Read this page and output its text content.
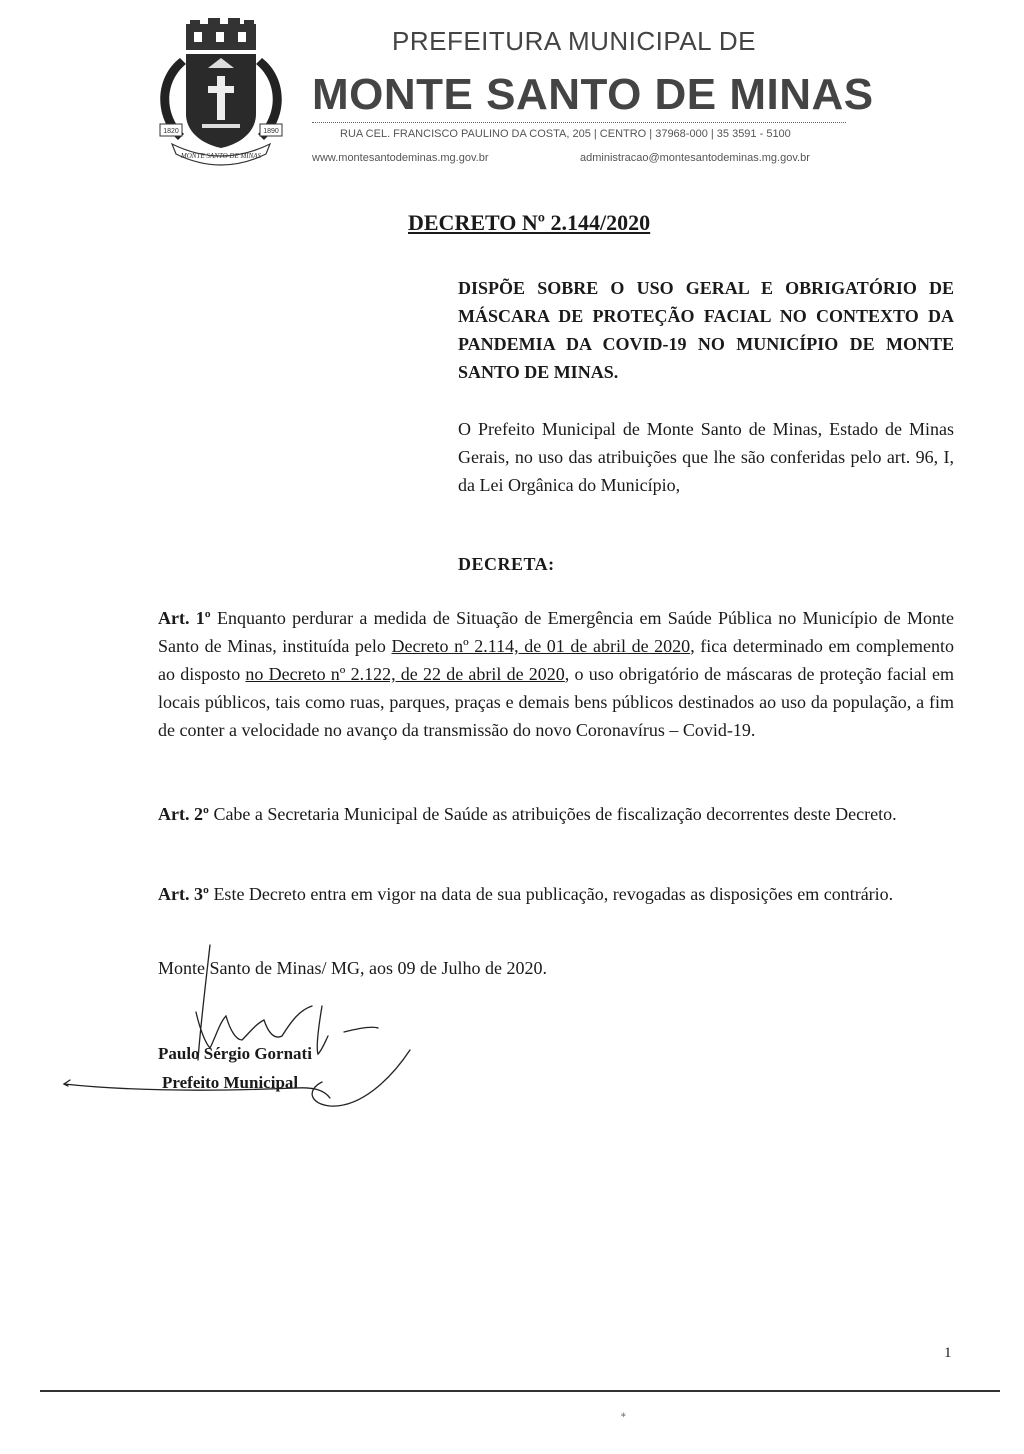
1820	1890
MONTE SANTO DE MINAS
PREFEITURA MUNICIPAL DE
MONTE SANTO DE MINAS
RUA CEL. FRANCISCO PAULINO DA COSTA, 205 | CENTRO | 37968-000 | 35 3591 - 5100
www.montesantodeminas.mg.gov.br	administracao@montesantodeminas.mg.gov.br
DECRETO Nº 2.144/2020
DISPÕE SOBRE O USO GERAL E OBRIGATÓRIO DE MÁSCARA DE PROTEÇÃO FACIAL NO CONTEXTO DA PANDEMIA DA COVID-19 NO MUNICÍPIO DE MONTE SANTO DE MINAS.
O Prefeito Municipal de Monte Santo de Minas, Estado de Minas Gerais, no uso das atribuições que lhe são conferidas pelo art. 96, I, da Lei Orgânica do Município,
DECRETA:
Art. 1º Enquanto perdurar a medida de Situação de Emergência em Saúde Pública no Município de Monte Santo de Minas, instituída pelo Decreto nº 2.114, de 01 de abril de 2020, fica determinado em complemento ao disposto no Decreto nº 2.122, de 22 de abril de 2020, o uso obrigatório de máscaras de proteção facial em locais públicos, tais como ruas, parques, praças e demais bens públicos destinados ao uso da população, a fim de conter a velocidade no avanço da transmissão do novo Coronavírus – Covid-19.
Art. 2º Cabe a Secretaria Municipal de Saúde as atribuições de fiscalização decorrentes deste Decreto.
Art. 3º Este Decreto entra em vigor na data de sua publicação, revogadas as disposições em contrário.
Monte Santo de Minas/ MG, aos 09 de Julho de 2020.
Paulo Sérgio Gornati
Prefeito Municipal
1
∗
